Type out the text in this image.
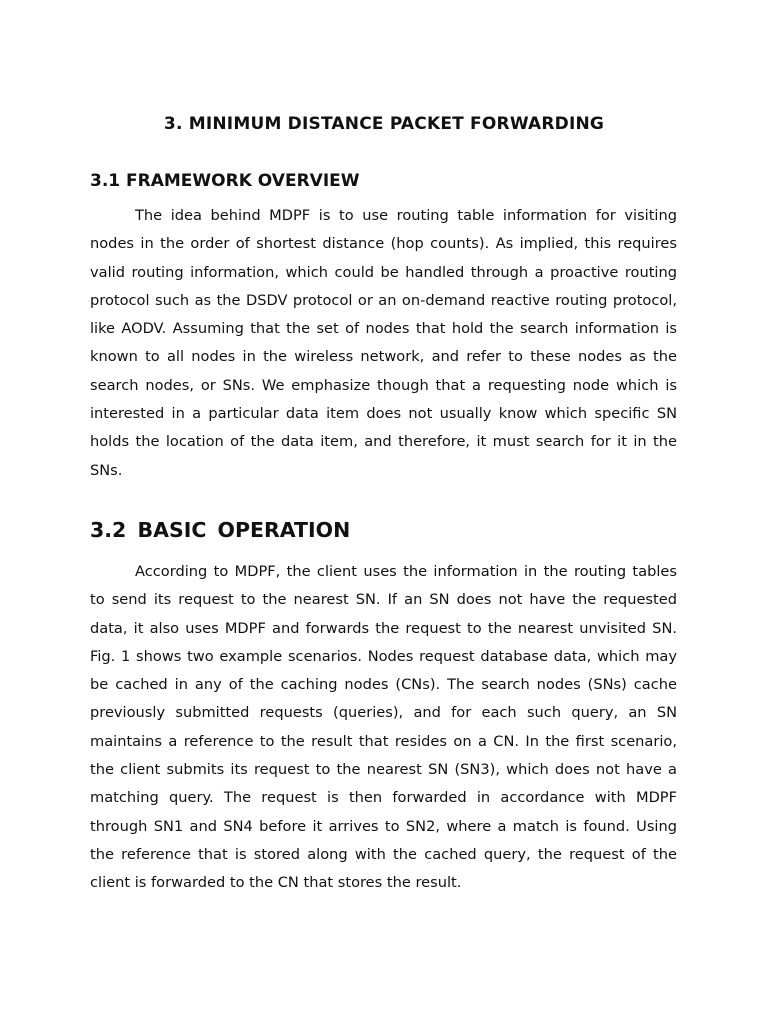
3. MINIMUM DISTANCE PACKET FORWARDING
3.1 FRAMEWORK OVERVIEW

The idea behind MDPF is to use routing table information for visiting nodes in the order of shortest distance (hop counts). As implied, this requires valid routing information, which could be handled through a proactive routing protocol such as the DSDV protocol or an on-demand reactive routing protocol, like AODV. Assuming that the set of nodes that hold the search information is known to all nodes in the wireless network, and refer to these nodes as the search nodes, or SNs. We emphasize though that a requesting node which is interested in a particular data item does not usually know which specific SN holds the location of the data item, and therefore, it must search for it in the SNs.

3.2 BASIC OPERATION

According to MDPF, the client uses the information in the routing tables to send its request to the nearest SN. If an SN does not have the requested data, it also uses MDPF and forwards the request to the nearest unvisited SN. Fig. 1 shows two example scenarios. Nodes request database data, which may be cached in any of the caching nodes (CNs). The search nodes (SNs) cache previously submitted requests (queries), and for each such query, an SN maintains a reference to the result that resides on a CN. In the first scenario, the client submits its request to the nearest SN (SN3), which does not have a matching query. The request is then forwarded in accordance with MDPF through SN1 and SN4 before it arrives to SN2, where a match is found. Using the reference that is stored along with the cached query, the request of the client is forwarded to the CN that stores the result.
